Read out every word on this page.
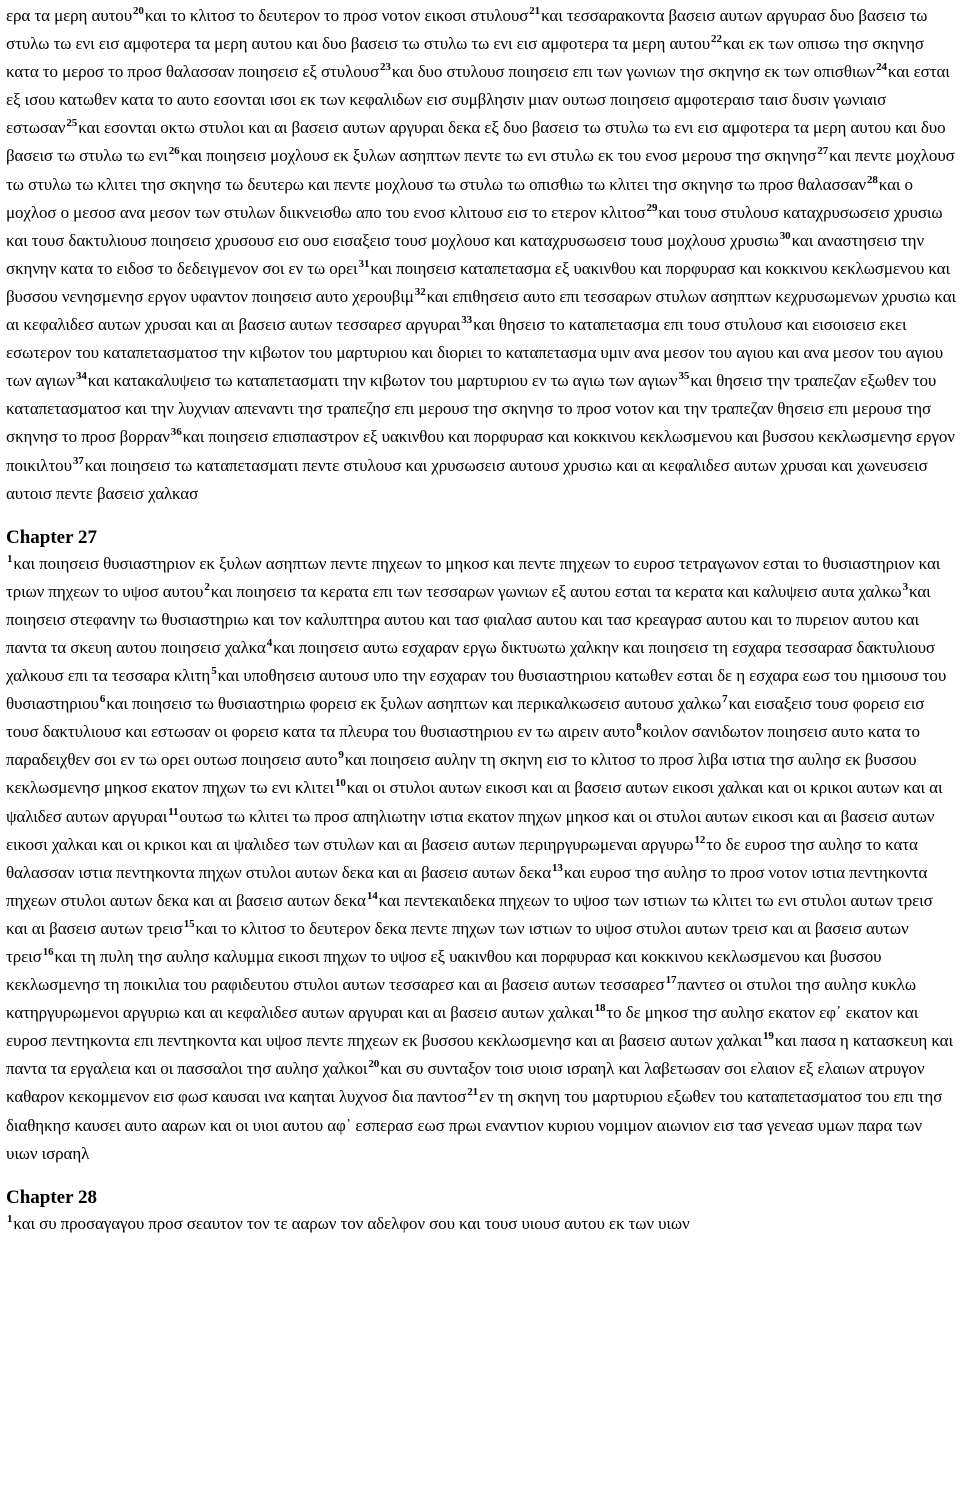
ερα τα μερη αυτου$^{20}$και το κλιτοσ το δευτερον το προσ νοτον εικοσι στυλουσ$^{21}$και τεσσαρακοντα βασεισ αυτων αργυρασ δυο βασεισ τω στυλω τω ενι εισ αμφοτερα τα μερη αυτου και δυο βασεισ τω στυλω τω ενι εισ αμφοτερα τα μερη αυτου$^{22}$και εκ των οπισω τησ σκηνησ κατα το μεροσ το προσ θαλασσαν ποιησεισ εξ στυλουσ$^{23}$και δυο στυλουσ ποιησεισ επι των γωνιων τησ σκηνησ εκ των οπισθιων$^{24}$και εσται εξ ισου κατωθεν κατα το αυτο εσονται ισοι εκ των κεφαλιδων εισ συμβλησιν μιαν ουτωσ ποιησεισ αμφοτεραισ ταισ δυσιν γωνιαισ εστωσαν$^{25}$και εσονται οκτω στυλοι και αι βασεισ αυτων αργυραι δεκα εξ δυο βασεισ τω στυλω τω ενι εισ αμφοτερα τα μερη αυτου και δυο βασεισ τω στυλω τω ενι$^{26}$και ποιησεισ μοχλουσ εκ ξυλων ασηπτων πεντε τω ενι στυλω εκ του ενοσ μερουσ τησ σκηνησ$^{27}$και πεντε μοχλουσ τω στυλω τω κλιτει τησ σκηνησ τω δευτερω και πεντε μοχλουσ τω στυλω τω οπισθιω τω κλιτει τησ σκηνησ τω προσ θαλασσαν$^{28}$και ο μοχλοσ ο μεσοσ ανα μεσον των στυλων διικνεισθω απο του ενοσ κλιτουσ εισ το ετερον κλιτοσ$^{29}$και τουσ στυλουσ καταχρυσωσεισ χρυσιω και τουσ δακτυλιουσ ποιησεισ χρυσουσ εισ ουσ εισαξεισ τουσ μοχλουσ και καταχρυσωσεισ τουσ μοχλουσ χρυσιω$^{30}$και αναστησεισ την σκηνην κατα το ειδοσ το δεδειγμενον σοι εν τω ορει$^{31}$και ποιησεισ καταπετασμα εξ υακινθου και πορφυρασ και κοκκινου κεκλωσμενου και βυσσου νενησμενησ εργον υφαντον ποιησεισ αυτο χερουβιμ$^{32}$και επιθησεισ αυτο επι τεσσαρων στυλων ασηπτων κεχρυσωμενων χρυσιω και αι κεφαλιδεσ αυτων χρυσαι και αι βασεισ αυτων τεσσαρεσ αργυραι$^{33}$και θησεισ το καταπετασμα επι τουσ στυλουσ και εισοισεισ εκει εσωτερον του καταπετασματοσ την κιβωτον του μαρτυριου και διοριει το καταπετασμα υμιν ανα μεσον του αγιου και ανα μεσον του αγιου των αγιων$^{34}$και κατακαλυψεισ τω καταπετασματι την κιβωτον του μαρτυριου εν τω αγιω των αγιων$^{35}$και θησεισ την τραπεζαν εξωθεν του καταπετασματοσ και την λυχνιαν απεναντι τησ τραπεζησ επι μερουσ τησ σκηνησ το προσ νοτον και την τραπεζαν θησεισ επι μερουσ τησ σκηνησ το προσ βορραν$^{36}$και ποιησεισ επισπαστρον εξ υακινθου και πορφυρασ και κοκκινου κεκλωσμενου και βυσσου κεκλωσμενησ εργον ποικιλτου$^{37}$και ποιησεισ τω καταπετασματι πεντε στυλουσ και χρυσωσεισ αυτουσ χρυσιω και αι κεφαλιδεσ αυτων χρυσαι και χωνευσεισ αυτοισ πεντε βασεισ χαλκασ

Chapter 27

$^1$και ποιησεισ θυσιαστηριον εκ ξυλων ασηπτων πεντε πηχεων το μηκοσ και πεντε πηχεων το ευροσ τετραγωνον εσται το θυσιαστηριον και τριων πηχεων το υψοσ αυτου$^2$και ποιησεισ τα κερατα επι των τεσσαρων γωνιων εξ αυτου εσται τα κερατα και καλυψεισ αυτα χαλκω$^3$και ποιησεισ στεφανην τω θυσιαστηριω και τον καλυπτηρα αυτου και τασ φιαλασ αυτου και τασ κρεαγρασ αυτου και το πυρειον αυτου και παντα τα σκευη αυτου ποιησεισ χαλκα$^4$και ποιησεισ αυτω εσχαραν εργω δικτυωτω χαλκην και ποιησεισ τη εσχαρα τεσσαρασ δακτυλιουσ χαλκουσ επι τα τεσσαρα κλιτη$^5$και υποθησεισ αυτουσ υπο την εσχαραν του θυσιαστηριου κατωθεν εσται δε η εσχαρα εωσ του ημισουσ του θυσιαστηριου$^6$και ποιησεισ τω θυσιαστηριω φορεισ εκ ξυλων ασηπτων και περικαλκωσεισ αυτουσ χαλκω$^7$και εισαξεισ τουσ φορεισ εισ τουσ δακτυλιουσ και εστωσαν οι φορεισ κατα τα πλευρα του θυσιαστηριου εν τω αιρειν αυτο$^8$κοιλον σανιδωτον ποιησεισ αυτο κατα το παραδειχθεν σοι εν τω ορει ουτωσ ποιησεισ αυτο$^9$και ποιησεισ αυλην τη σκηνη εισ το κλιτοσ το προσ λιβα ιστια τησ αυλησ εκ βυσσου κεκλωσμενησ μηκοσ εκατον πηχων τω ενι κλιτει$^{10}$και οι στυλοι αυτων εικοσι και αι βασεισ αυτων εικοσι χαλκαι και οι κρικοι αυτων και αι ψαλιδεσ αυτων αργυραι$^{11}$ουτωσ τω κλιτει τω προσ απηλιωτην ιστια εκατον πηχων μηκοσ και οι στυλοι αυτων εικοσι και αι βασεισ αυτων εικοσι χαλκαι και οι κρικοι και αι ψαλιδεσ των στυλων και αι βασεισ αυτων περιηργυρωμεναι αργυρω$^{12}$το δε ευροσ τησ αυλησ το κατα θαλασσαν ιστια πεντηκοντα πηχων στυλοι αυτων δεκα και αι βασεισ αυτων δεκα$^{13}$και ευροσ τησ αυλησ το προσ νοτον ιστια πεντηκοντα πηχεων στυλοι αυτων δεκα και αι βασεισ αυτων δεκα$^{14}$και πεντεκαιδεκα πηχεων το υψοσ των ιστιων τω κλιτει τω ενι στυλοι αυτων τρεισ και αι βασεισ αυτων τρεισ$^{15}$και το κλιτοσ το δευτερον δεκα πεντε πηχων των ιστιων το υψοσ στυλοι αυτων τρεισ και αι βασεισ αυτων τρεισ$^{16}$και τη πυλη τησ αυλησ καλυμμα εικοσι πηχων το υψοσ εξ υακινθου και πορφυρασ και κοκκινου κεκλωσμενου και βυσσου κεκλωσμενησ τη ποικιλια του ραφιδευτου στυλοι αυτων τεσσαρεσ και αι βασεισ αυτων τεσσαρεσ$^{17}$παντεσ οι στυλοι τησ αυλησ κυκλω κατηργυρωμενοι αργυριω και αι κεφαλιδεσ αυτων αργυραι και αι βασεισ αυτων χαλκαι$^{18}$το δε μηκοσ τησ αυλησ εκατον εφ᾽ εκατον και ευροσ πεντηκοντα επι πεντηκοντα και υψοσ πεντε πηχεων εκ βυσσου κεκλωσμενησ και αι βασεισ αυτων χαλκαι$^{19}$και πασα η κατασκευη και παντα τα εργαλεια και οι πασσαλοι τησ αυλησ χαλκοι$^{20}$και συ συνταξον τοισ υιοισ ισραηλ και λαβετωσαν σοι ελαιον εξ ελαιων ατρυγον καθαρον κεκομμενον εισ φωσ καυσαι ινα καηται λυχνοσ δια παντοσ$^{21}$εν τη σκηνη του μαρτυριου εξωθεν του καταπετασματοσ του επι τησ διαθηκησ καυσει αυτο ααρων και οι υιοι αυτου αφ᾽ εσπερασ εωσ πρωι εναντιον κυριου νομιμον αιωνιον εισ τασ γενεασ υμων παρα των υιων ισραηλ

Chapter 28

$^1$και συ προσαγαγου προσ σεαυτον τον τε ααρων τον αδελφον σου και τουσ υιουσ αυτου εκ των υιων
